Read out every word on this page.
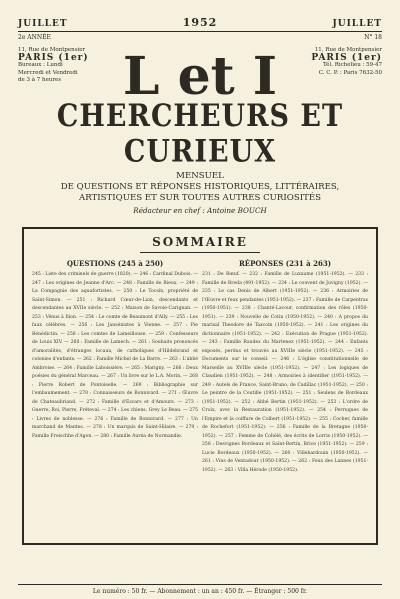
JUILLET	1952	JUILLET
2e ANNÉE	N° 18
11, Rue de Montpensier
PARIS (1er)
Bureaux : Lundi
Mercredi et Vendredi
de 3 à 7 heures
11, Rue de Montpensier
PARIS (1er)
Tél. Richelieu : 59-47
C. C. P. : Paris 7632-50
L et I
CHERCHEURS ET CURIEUX
MENSUEL
DE QUESTIONS ET RÉPONSES HISTORIQUES, LITTÉRAIRES,
ARTISTIQUES ET SUR TOUTES AUTRES CURIOSITÉS
Rédacteur en chef : Antoine BOUCH
SOMMAIRE
QUESTIONS (245 à 250)

245 : Liste des criminels de guerre (1820). — 246 : Cardinal Dubois. — 247 : Les origines de Jeanne d'Arc. — 248 : Famille de Rieux. — 249 : La Compagnie des aquafortistes. — 250 : Le Tocsin, propriété de Saint-Simon. — 251 : Richard Cœur-de-Lion, descendants et descendantes au XVIIe siècle. — 252 : Maison de Savoie-Carignan. — 253 : Vénus à Ilion. — 254 : Le comte de Beaumont d'Ally. — 255 : Les faux célèbres. — 256 : Les Jansénistes à Vienne. — 257 : Pie Bénédictin. — 258 : Les comtes de Lameillouse. — 259 : Confesseurs de Louis XIV. — 260 : Famille de Lamech. — 261 : Souhaits prononcés d'amoralités, d'étranges locaux, de catholiques d'Hildebrand et colonies d'enfants. — 262 : Famille Michel de La Barre. — 263 : L'abbé Ambroise. — 264 : Famille Laboissière. — 265 : Marigny. — 266 : Deux poésies du général Marceau. — 267 : Un livre sur le L.A. Morin. — 268 : Pierre Robert de Pontoiselle. — 269 : Bibliographie sur l'embaumement. — 270 : Connaisseurs de Bonnivard. — 271 : Œuvre de Chateaubriand. — 272 : Famille d'Escars et d'Amours. — 273 : Guerre, Roi, Pierre, Fréteval. — 274 : Les chiens. Grey Le Beau. — 275 : Livres de noblesse. — 276 : Famille de Bonnivard. — 277 : Un marchand de Mantes. — 278 : Un marquis de Saint-Hilaire. — 279 : Famille Freischhe d'Agon. — 280 : Famille Auréa de Normandie.

RÉPONSES (231 à 263)

231 : De Bœuf. — 232 : Famille de Luxaume (1951-1952). — 233 : Famille de Breda (491-1952). — 234 : Le couvent de Juvigny (1952). — 235 : Le cas Denis de Albert (1951-1952). — 236 : Armoiries de l'Œuvre et feux pendantes (1951-1952). — 237 : Famille de Carpentras (1950-1951). — 238 : Chanté-Lacour, confirmation des rôles (1950-1951). — 239 : Nouvelle de Cotin (1950-1952). — 240 : A propos du marisal Theodore de Taxcoln (1950-1952). — 241 : Les origines du dictionnaire (1951-1952). — 242 : Exécution de Prague (1951-1952). — 243 : Famille Raudez du Martenez (1951-1952). — 244 : Enfants exposés, perdus et trouvés au XVIIIe siècle (1951-1952). — 245 : Documents sur le conseil. — 246 : L'église constitutionnelle de Marseille au XVIIIe siècle (1951-1952). — 247 : Les logiques de Claudien (1951-1952). — 248 : Armoiries à identifier (1951-1952). — 249 : Autels de France, Saint-Bruno, de Cadillac (1951-1952). — 250 : Le peintre de la Coutille (1951-1952). — 251 : Seulens de Bordeaux (1951-1952). — 252 : Abbé Bertin (1951-1952). — 253 : L'ordre de Croix, avec la Restauration (1951-1952). — 254 : Perruques de l'Empire et la coiffure de Colbert (1951-1952). — 255 : Cocher, famille de Rochefort (1951-1952). — 256 : Famille de la Bretagne (1950-1952). — 257 : Femme de Cohélé, des écrits de Lorris (1950-1952). — 258 : Desvignes Bordeaux et Saint-Bertin, Brice (1951-1952). — 259 : Lucie Bordeaux (1950-1952). — 260 : Villehardouin (1950-1952). — 261 : Vins de Ventadour (1950-1952). — 262 : Feux des Lannes (1951-1952). — 263 : Villa Hérode (1950-1952).

Le numéro : 50 fr. — Abonnement : un an : 450 fr. — Étranger : 500 fr.
